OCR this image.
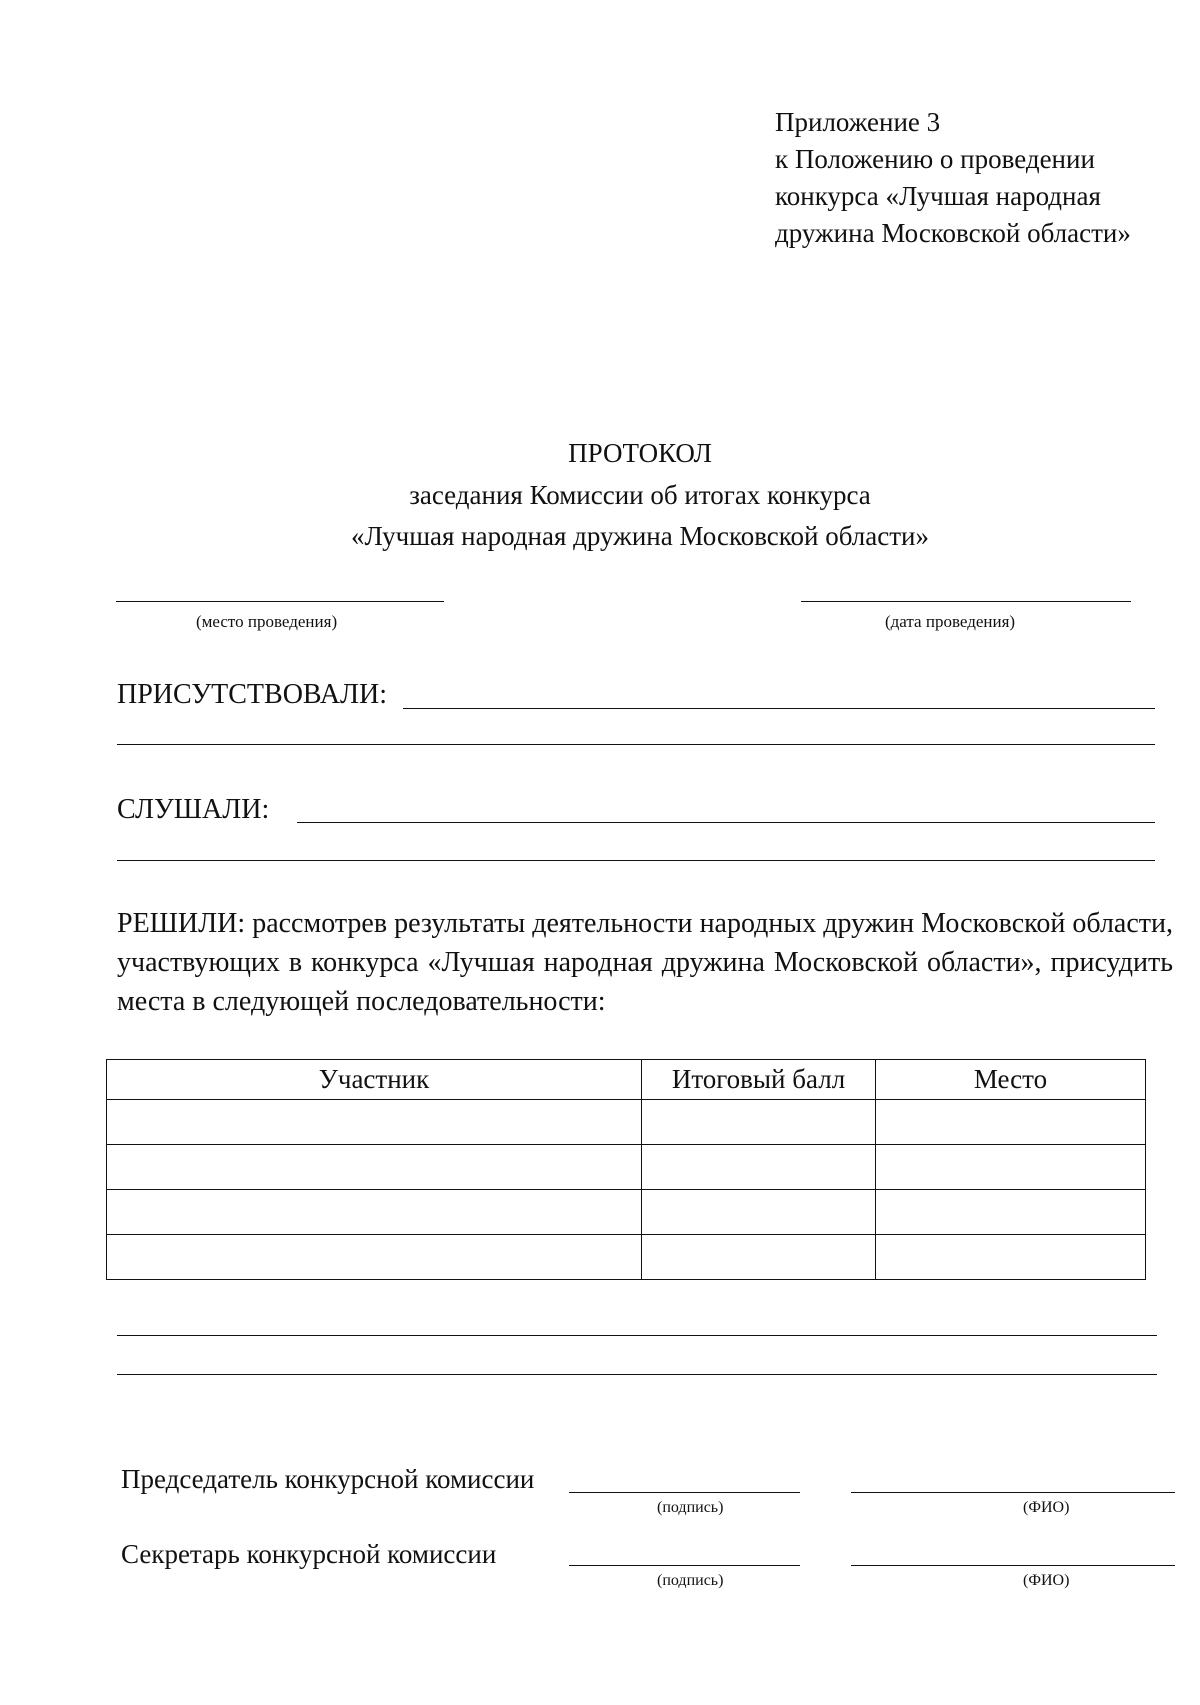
Приложение 3
к Положению о проведении
конкурса «Лучшая народная
дружина Московской области»
ПРОТОКОЛ
заседания Комиссии об итогах конкурса
«Лучшая народная дружина Московской области»
(место проведения)	(дата проведения)
ПРИСУТСТВОВАЛИ:
СЛУШАЛИ:
РЕШИЛИ: рассмотрев результаты деятельности народных дружин Московской области, участвующих в конкурса «Лучшая народная дружина Московской области», присудить места в следующей последовательности:
Участник	Итоговый балл	Место

Председатель конкурсной комиссии
(подпись)	(ФИО)
Секретарь конкурсной комиссии
(подпись)	(ФИО)
